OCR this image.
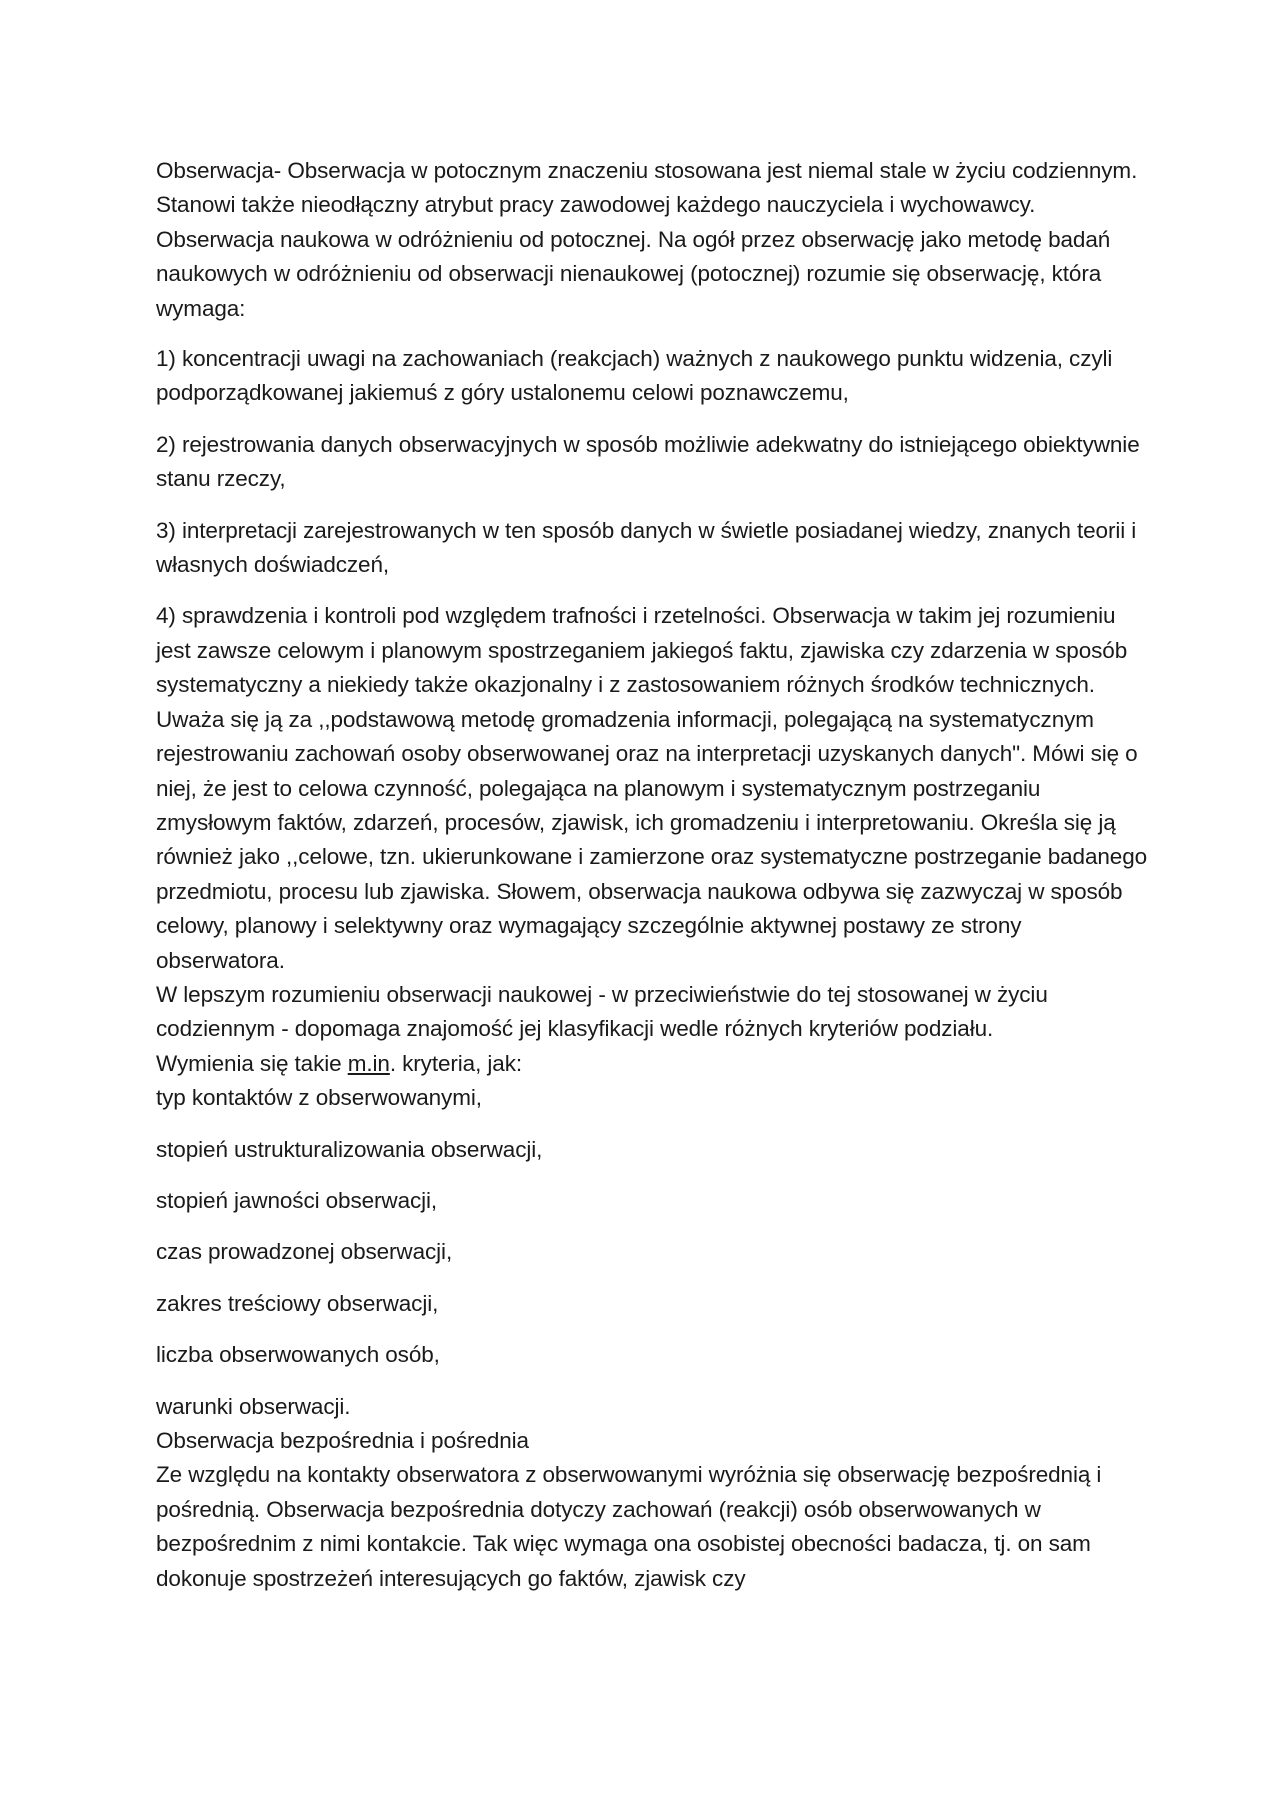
Obserwacja- Obserwacja w potocznym znaczeniu stosowana jest niemal stale w życiu codziennym. Stanowi także nieodłączny atrybut pracy zawodowej każdego nauczyciela i wychowawcy.

Obserwacja naukowa w odróżnieniu od potocznej. Na ogół przez obserwację jako metodę badań naukowych w odróżnieniu od obserwacji nienaukowej (potocznej) rozumie się obserwację, która wymaga:

1) koncentracji uwagi na zachowaniach (reakcjach) ważnych z naukowego punktu widzenia, czyli podporządkowanej jakiemuś z góry ustalonemu celowi poznawczemu,

2) rejestrowania danych obserwacyjnych w sposób możliwie adekwatny do istniejącego obiektywnie stanu rzeczy,

3) interpretacji zarejestrowanych w ten sposób danych w świetle posiadanej wiedzy, znanych teorii i własnych doświadczeń,

4) sprawdzenia i kontroli pod względem trafności i rzetelności. Obserwacja w takim jej rozumieniu jest zawsze celowym i planowym spostrzeganiem jakiegoś faktu, zjawiska czy zdarzenia w sposób systematyczny a niekiedy także okazjonalny i z zastosowaniem różnych środków technicznych.

Uważa się ją za ,,podstawową metodę gromadzenia informacji, polegającą na systematycznym rejestrowaniu zachowań osoby obserwowanej oraz na interpretacji uzyskanych danych". Mówi się o niej, że jest to celowa czynność, polegająca na planowym i systematycznym postrzeganiu zmysłowym faktów, zdarzeń, procesów, zjawisk, ich gromadzeniu i interpretowaniu. Określa się ją również jako ,,celowe, tzn. ukierunkowane i zamierzone oraz systematyczne postrzeganie badanego przedmiotu, procesu lub zjawiska. Słowem, obserwacja naukowa odbywa się zazwyczaj w sposób celowy, planowy i selektywny oraz wymagający szczególnie aktywnej postawy ze strony obserwatora.

W lepszym rozumieniu obserwacji naukowej - w przeciwieństwie do tej stosowanej w życiu codziennym - dopomaga znajomość jej klasyfikacji wedle różnych kryteriów podziału.

Wymienia się takie m.in. kryteria, jak:

typ kontaktów z obserwowanymi,

stopień ustrukturalizowania obserwacji,

stopień jawności obserwacji,

czas prowadzonej obserwacji,

zakres treściowy obserwacji,

liczba obserwowanych osób,

warunki obserwacji.

Obserwacja bezpośrednia i pośrednia

Ze względu na kontakty obserwatora z obserwowanymi wyróżnia się obserwację bezpośrednią i pośrednią. Obserwacja bezpośrednia dotyczy zachowań (reakcji) osób obserwowanych w bezpośrednim z nimi kontakcie. Tak więc wymaga ona osobistej obecności badacza, tj. on sam dokonuje spostrzeżeń interesujących go faktów, zjawisk czy
